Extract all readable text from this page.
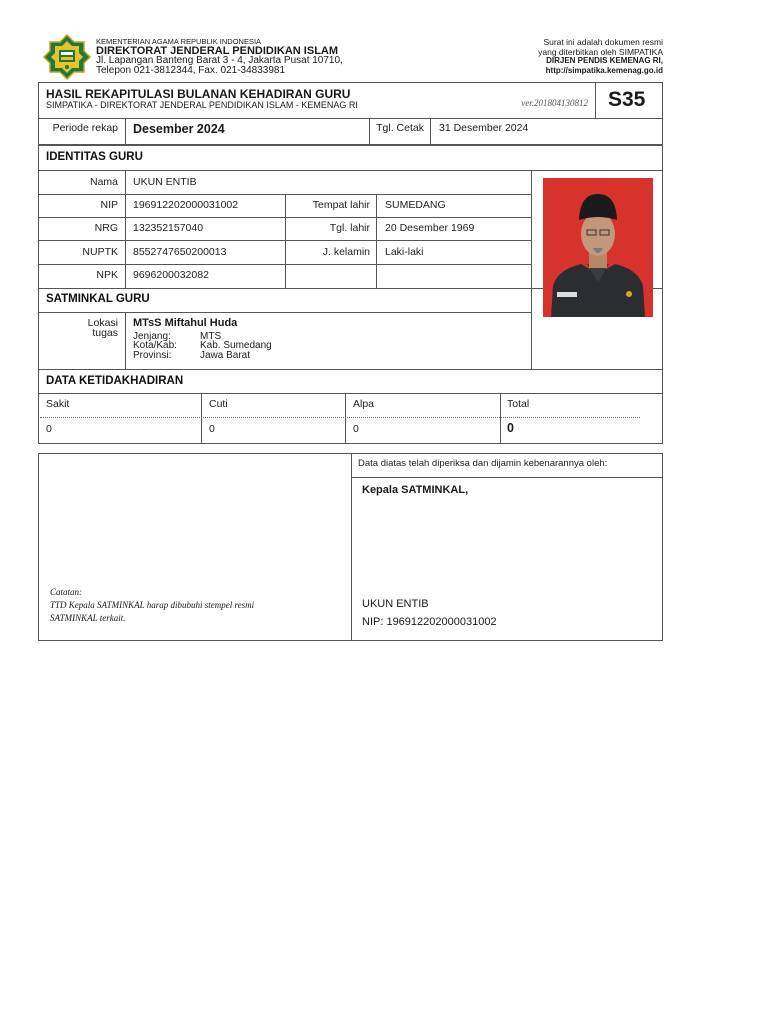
KEMENTERIAN AGAMA REPUBLIK INDONESIA
DIREKTORAT JENDERAL PENDIDIKAN ISLAM
Jl. Lapangan Banteng Barat 3 - 4, Jakarta Pusat 10710,
Telepon 021-3812344, Fax. 021-34833981
Surat ini adalah dokumen resmi
yang diterbitkan oleh SIMPATIKA
DIRJEN PENDIS KEMENAG RI,
http://simpatika.kemenag.go.id
HASIL REKAPITULASI BULANAN KEHADIRAN GURU
SIMPATIKA - DIREKTORAT JENDERAL PENDIDIKAN ISLAM - KEMENAG RI	ver.201804130812 S35
Periode rekap Desember 2024	Tgl. Cetak 31 Desember 2024
IDENTITAS GURU
Nama UKUN ENTIB
NIP 196912202000031002	Tempat lahir SUMEDANG
NRG 132352157040	Tgl. lahir 20 Desember 1969
NUPTK 8552747650200013	J. kelamin Laki-laki
NPK 9696200032082
SATMINKAL GURU
Lokasi
tugas
MTsS Miftahul Huda
Jenjang:	MTS
Kota/Kab: Kab. Sumedang
Provinsi:	Jawa Barat
DATA KETIDAKHADIRAN
Sakit	Cuti	Alpa	Total
0	0	0	0
Data diatas telah diperiksa dan dijamin kebenarannya oleh:
Kepala SATMINKAL,
UKUN ENTIB
NIP: 196912202000031002
Catatan:
TTD Kepala SATMINKAL harap dibubuhi stempel resmi
SATMINKAL terkait.
